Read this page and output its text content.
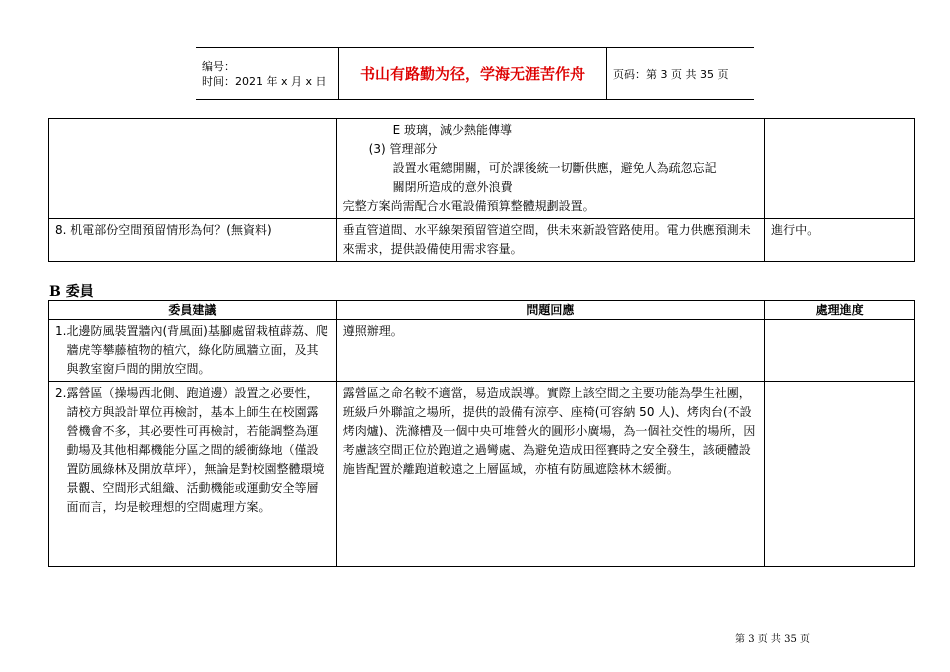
编号：
时间：2021 年 x 月 x 日	书山有路勤为径，学海无涯苦作舟	页码：第 3 页 共 35 页

	E 玻璃，減少熱能傳導
(3) 管理部分
設置水電總開關，可於課後統一切斷供應，避免人為疏忽忘記
關閉所造成的意外浪費
完整方案尚需配合水電設備預算整體規劃設置。	

8. 机電部份空間預留情形為何？(無資料)	垂直管道間、水平線架預留管道空間，供未來新設管路使用。電力供應預測未來需求，提供設備使用需求容量。	進行中。
B 委員
委員建議	問題回應	處理進度

1. 北邊防風裝置牆內(背風面)基腳處留栽植薜荔、爬牆虎等攀藤植物的植穴，綠化防風牆立面，及其與教室窗戶間的開放空間。	遵照辦理。	

2. 露營區（操場西北側、跑道邊）設置之必要性，請校方與設計單位再檢討，基本上師生在校園露營機會不多，其必要性可再檢討，若能調整為運動場及其他相鄰機能分區之間的緩衝綠地（僅設置防風綠林及開放草坪），無論是對校園整體環境景觀、空間形式組織、活動機能或運動安全等層面而言，均是較理想的空間處理方案。	露營區之命名較不適當，易造成誤導。實際上該空間之主要功能為學生社團，班級戶外聯誼之場所，提供的設備有涼亭、座椅(可容納 50 人)、烤肉台(不設烤肉爐)、洗滌槽及一個中央可堆營火的圓形小廣場，為一個社交性的場所，因考慮該空間正位於跑道之過彎處、為避免造成田徑賽時之安全發生，該硬體設施皆配置於離跑道較遠之上層區域，亦植有防風遮陰林木緩衝。	
第 3 页 共 35 页
